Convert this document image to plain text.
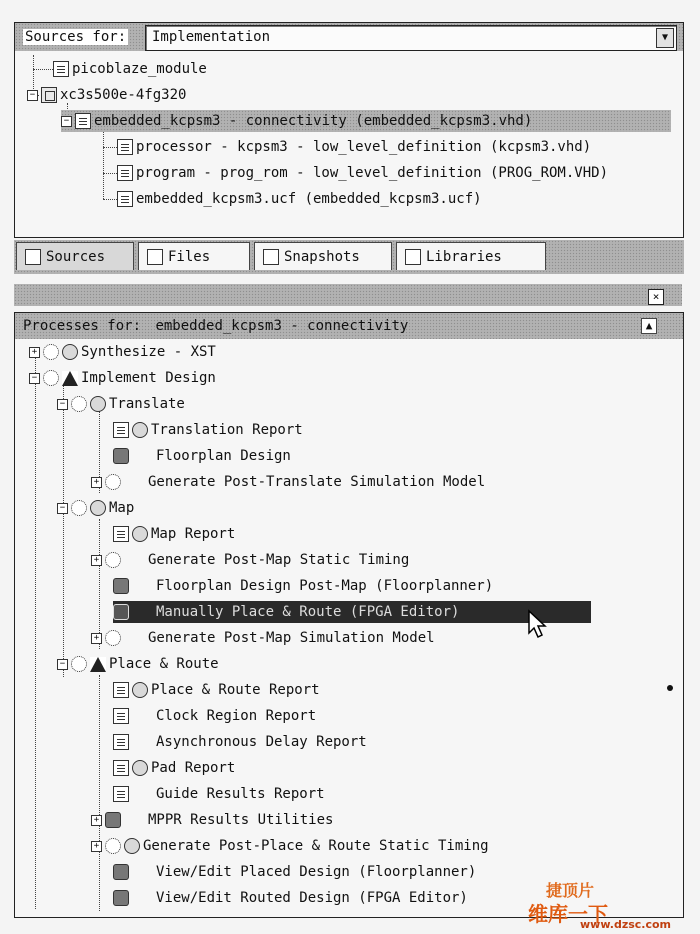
Sources for: Implementation	▼
picoblaze_module
− xc3s500e-4fg320
− embedded_kcpsm3 - connectivity (embedded_kcpsm3.vhd)
processor - kcpsm3 - low_level_definition (kcpsm3.vhd)
program - prog_rom - low_level_definition (PROG_ROM.VHD)
embedded_kcpsm3.ucf (embedded_kcpsm3.ucf)
Sources	Files	Snapshots	Libraries
×
Processes for: embedded_kcpsm3 - connectivity	▲
+	Synthesize - XST
−	Implement Design
−	Translate
Translation Report
Floorplan Design
+	Generate Post-Translate Simulation Model
−	Map
Map Report
+	Generate Post-Map Static Timing
Floorplan Design Post-Map (Floorplanner)
Manually Place & Route (FPGA Editor)
+	Generate Post-Map Simulation Model
−	Place & Route
Place & Route Report
Clock Region Report
Asynchronous Delay Report
Pad Report
Guide Results Report
+	MPPR Results Utilities
+	Generate Post-Place & Route Static Timing
View/Edit Placed Design (Floorplanner)
View/Edit Routed Design (FPGA Editor)	捷顶片
维库一下
www.dzsc.com
